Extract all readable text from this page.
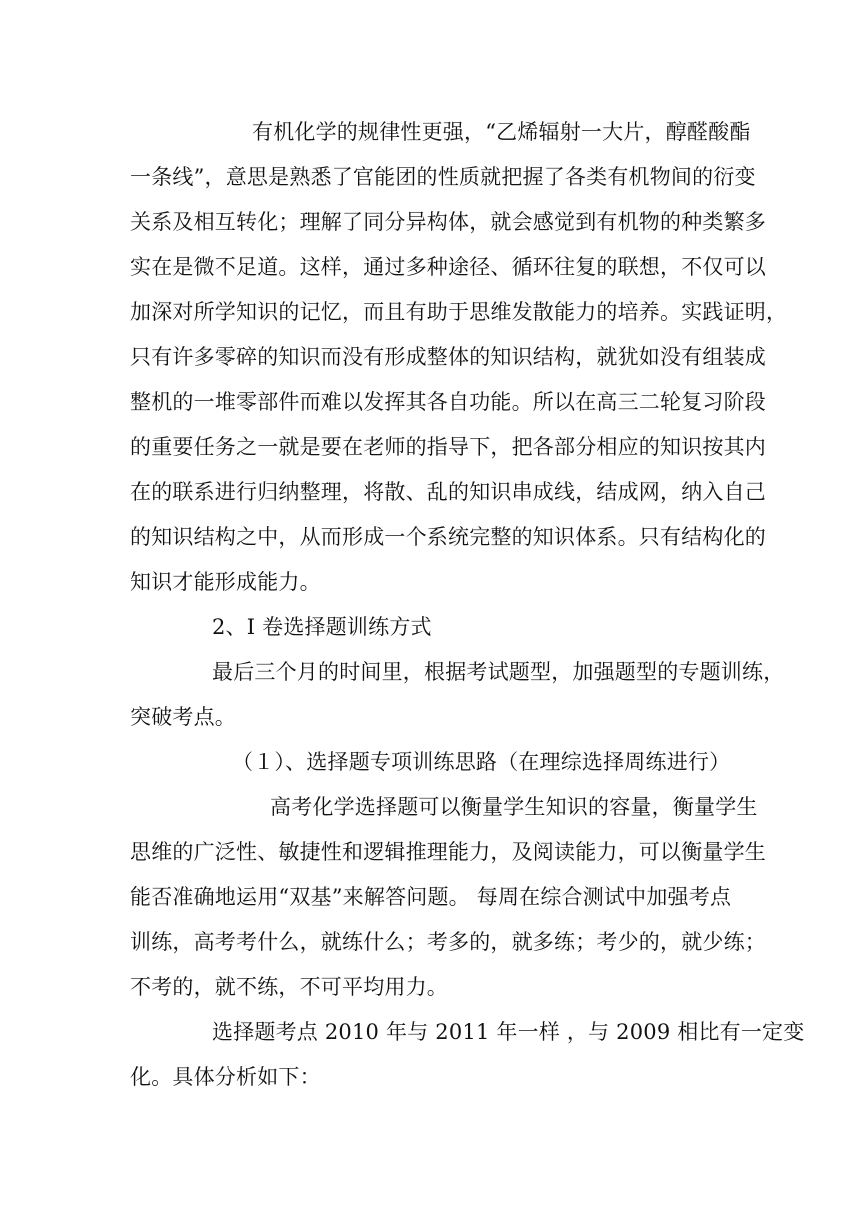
有机化学的规律性更强，“乙烯辐射一大片，醇醛酸酯
一条线”，意思是熟悉了官能团的性质就把握了各类有机物间的衍变
关系及相互转化；理解了同分异构体，就会感觉到有机物的种类繁多
实在是微不足道。这样，通过多种途径、循环往复的联想，不仅可以
加深对所学知识的记忆，而且有助于思维发散能力的培养。实践证明，
只有许多零碎的知识而没有形成整体的知识结构，就犹如没有组装成
整机的一堆零部件而难以发挥其各自功能。所以在高三二轮复习阶段
的重要任务之一就是要在老师的指导下，把各部分相应的知识按其内
在的联系进行归纳整理，将散、乱的知识串成线，结成网，纳入自己
的知识结构之中，从而形成一个系统完整的知识体系。只有结构化的
知识才能形成能力。
2、I 卷选择题训练方式
最后三个月的时间里，根据考试题型，加强题型的专题训练，
突破考点。
（１）、选择题专项训练思路（在理综选择周练进行）
高考化学选择题可以衡量学生知识的容量，衡量学生
思维的广泛性、敏捷性和逻辑推理能力，及阅读能力，可以衡量学生
能否准确地运用“双基”来解答问题。 每周在综合测试中加强考点
训练，高考考什么，就练什么；考多的，就多练；考少的，就少练；
不考的，就不练，不可平均用力。
选择题考点 2010 年与 2011 年一样 ，与 2009 相比有一定变
化。具体分析如下：
